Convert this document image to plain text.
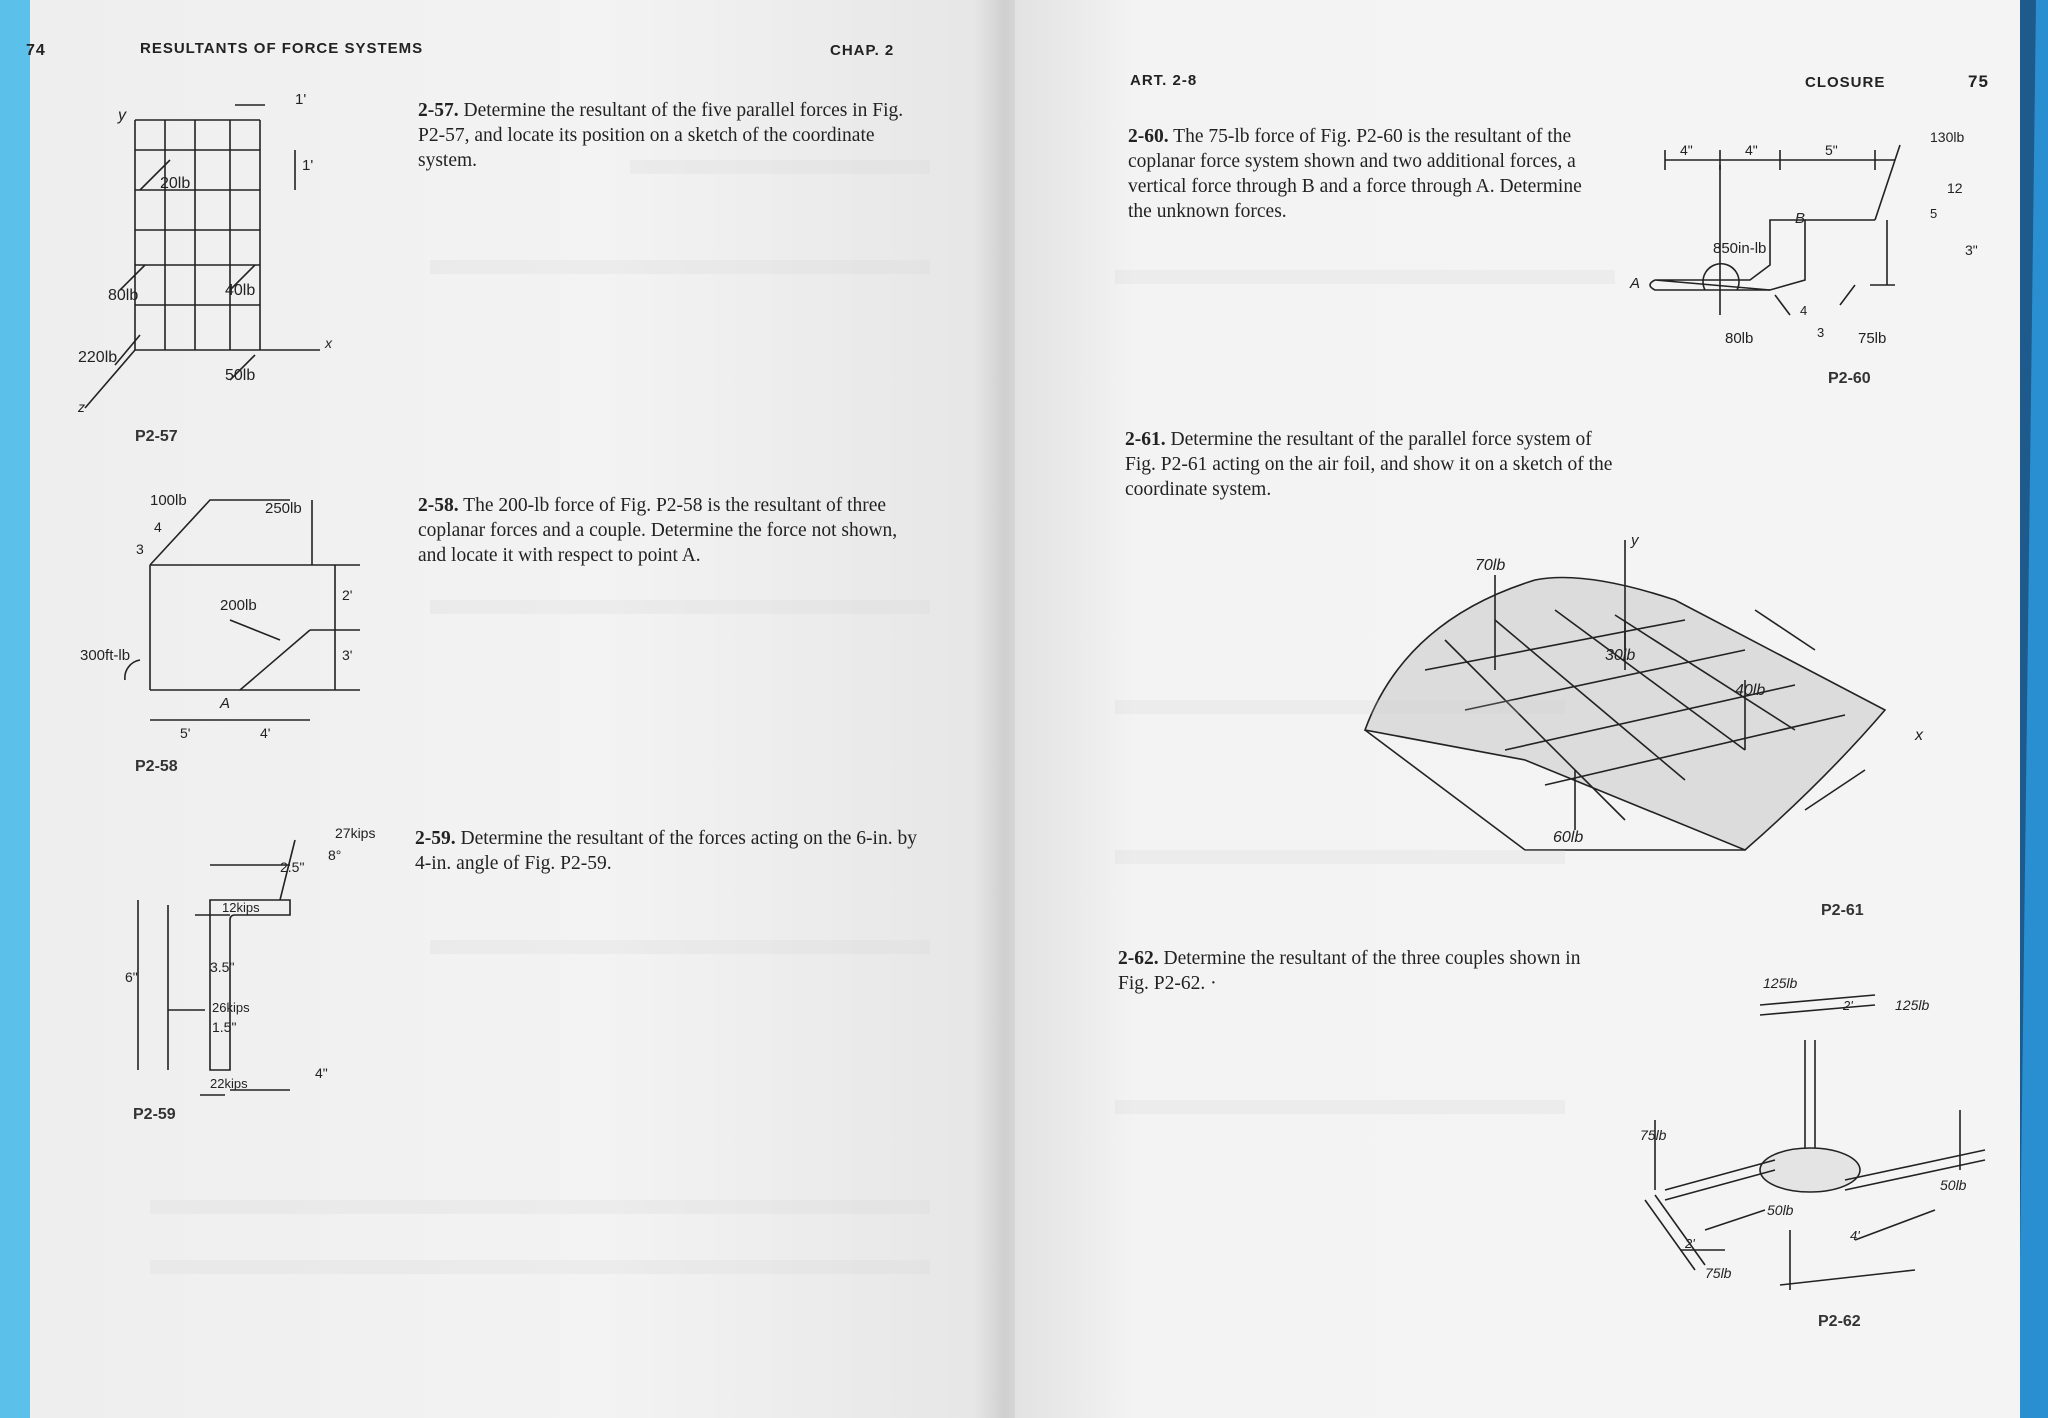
74	RESULTANTS OF FORCE SYSTEMS	CHAP. 2
2-57. Determine the resultant of the five parallel forces in Fig. P2-57, and locate its position on a sketch of the coordinate system.
2-58. The 200-lb force of Fig. P2-58 is the resultant of three coplanar forces and a couple. Determine the force not shown, and locate it with respect to point A.
2-59. Determine the resultant of the forces acting on the 6-in. by 4-in. angle of Fig. P2-59.
P2-57
P2-58
P2-59
1'
1'
y
20lb
80lb	40lb
220lb
50lb
x
z
100lb
4
3
250lb
2'
200lb
3'
300ft-lb
A
5'	4'
27kips
2.5"
8°
12kips
6"
3.5"
26kips
1.5"
22kips
4"
ART. 2-8	CLOSURE	75
2-60. The 75-lb force of Fig. P2-60 is the resultant of the coplanar force system shown and two additional forces, a vertical force through B and a force through A. Determine the unknown forces.
2-61. Determine the resultant of the parallel force system of Fig. P2-61 acting on the air foil, and show it on a sketch of the coordinate system.
2-62. Determine the resultant of the three couples shown in Fig. P2-62. ·
P2-60
P2-61
P2-62
4"	4"	5"
130lb
12
5
3"
B
850in-lb
A
80lb
4
3 75lb
y
70lb
30lb
40lb
60lb
x
125lb
2'	125lb
75lb
50lb
50lb
2'
75lb
4'
